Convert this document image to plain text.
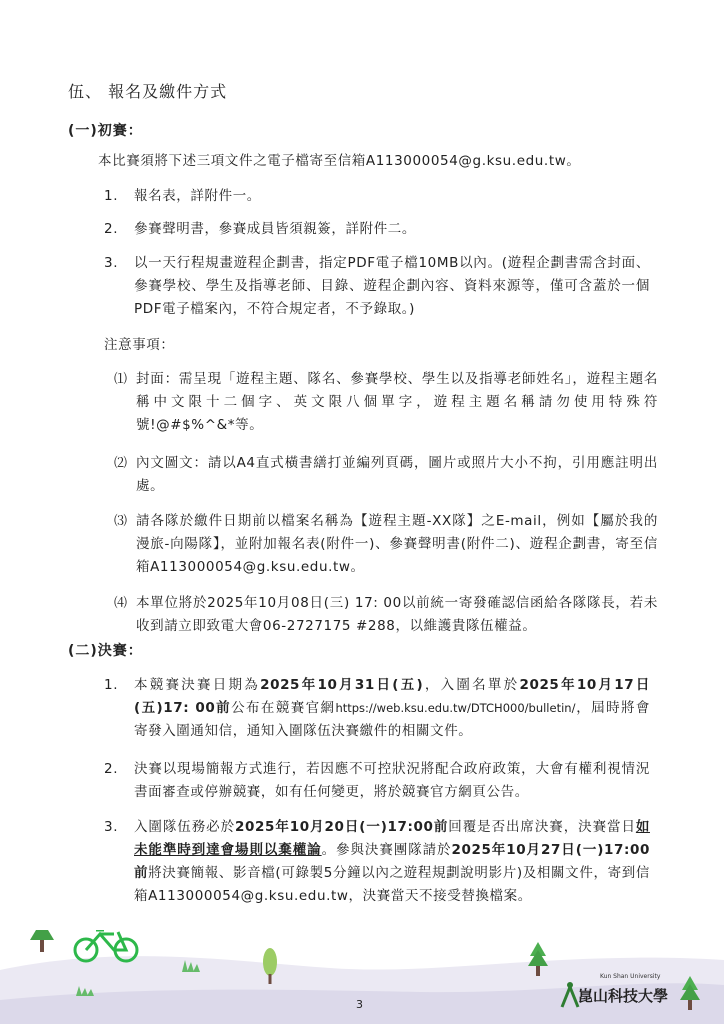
伍、 報名及繳件方式
(一)初賽：
本比賽須將下述三項文件之電子檔寄至信箱A113000054@g.ksu.edu.tw。
1. 報名表，詳附件一。
2. 參賽聲明書，參賽成員皆須親簽，詳附件二。
3. 以一天行程規畫遊程企劃書，指定PDF電子檔10MB以內。(遊程企劃書需含封面、參賽學校、學生及指導老師、目錄、遊程企劃內容、資料來源等，僅可含蓋於一個PDF電子檔案內，不符合規定者，不予錄取。)
注意事項：
⑴ 封面：需呈現「遊程主題、隊名、參賽學校、學生以及指導老師姓名」，遊程主題名稱中文限十二個字、英文限八個單字，遊程主題名稱請勿使用特殊符號!@#$%^&*等。
⑵ 內文圖文：請以A4直式橫書繕打並編列頁碼，圖片或照片大小不拘，引用應註明出處。
⑶ 請各隊於繳件日期前以檔案名稱為【遊程主題-XX隊】之E-mail，例如【屬於我的漫旅-向陽隊】，並附加報名表(附件一)、參賽聲明書(附件二)、遊程企劃書，寄至信箱A113000054@g.ksu.edu.tw。
⑷ 本單位將於2025年10月08日(三) 17: 00以前統一寄發確認信函給各隊隊長，若未收到請立即致電大會06-2727175 #288，以維護貴隊伍權益。
(二)決賽：
1. 本競賽決賽日期為2025年10月31日(五)，入圍名單於2025年10月17日(五)17: 00前公布在競賽官網https://web.ksu.edu.tw/DTCH000/bulletin/，屆時將會寄發入圍通知信，通知入圍隊伍決賽繳件的相關文件。
2. 決賽以現場簡報方式進行，若因應不可控狀況將配合政府政策，大會有權利視情況書面審查或停辦競賽，如有任何變更，將於競賽官方網頁公告。
3. 入圍隊伍務必於2025年10月20日(一)17:00前回覆是否出席決賽，決賽當日如未能準時到達會場則以棄權論。參與決賽團隊請於2025年10月27日(一)17:00前將決賽簡報、影音檔(可錄製5分鐘以內之遊程規劃說明影片)及相關文件，寄到信箱A113000054@g.ksu.edu.tw，決賽當天不接受替換檔案。
3
Kun Shan University
崑山科技大學
